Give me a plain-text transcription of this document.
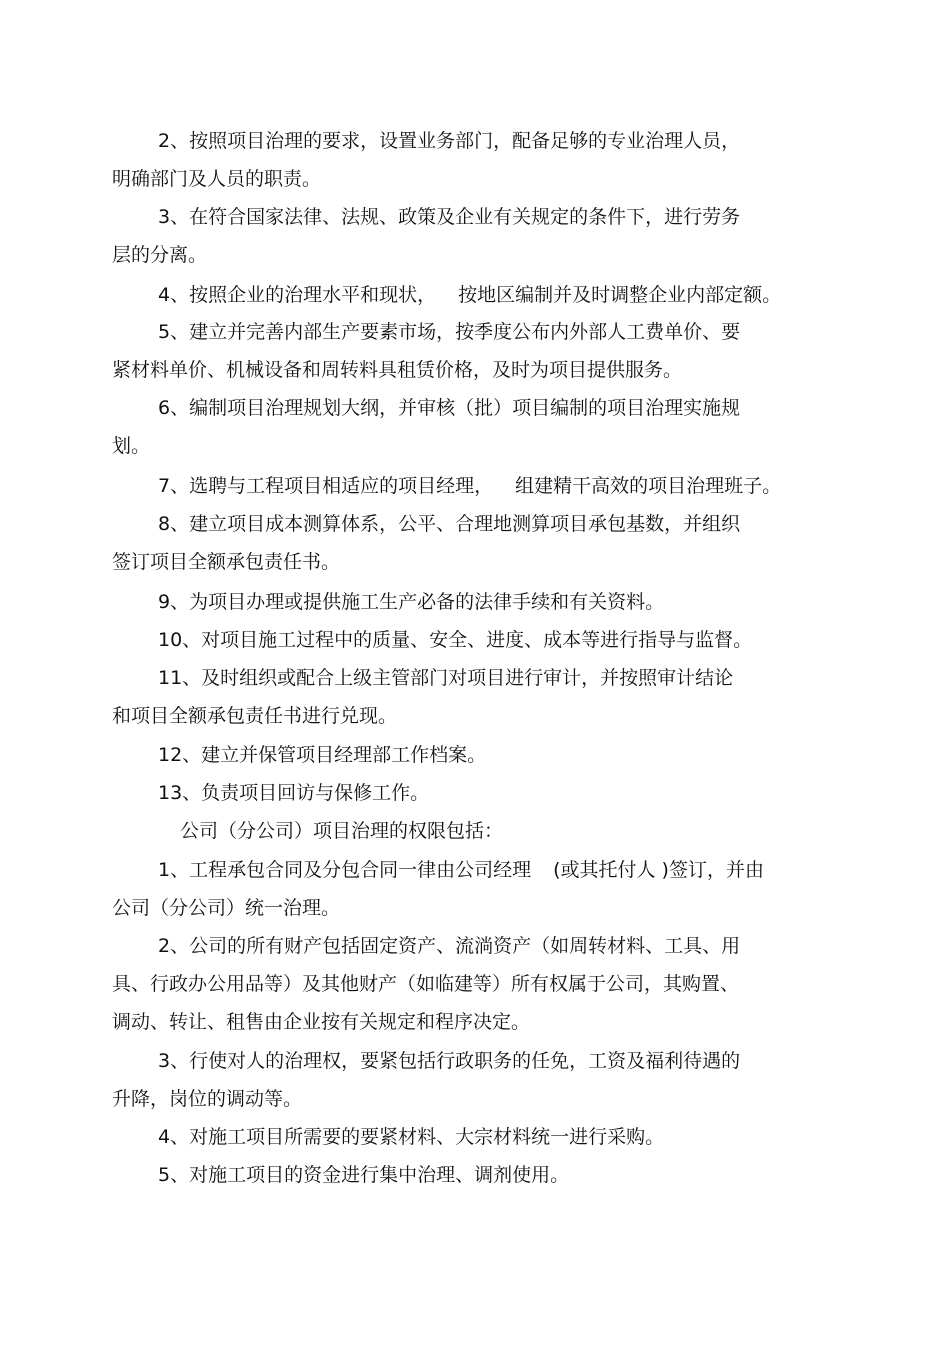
2、按照项目治理的要求，设置业务部门，配备足够的专业治理人员，
明确部门及人员的职责。
3、在符合国家法律、法规、政策及企业有关规定的条件下，进行劳务
层的分离。
4、按照企业的治理水平和现状， 按地区编制并及时调整企业内部定额。
5、建立并完善内部生产要素市场，按季度公布内外部人工费单价、要
紧材料单价、机械设备和周转料具租赁价格，及时为项目提供服务。
6、编制项目治理规划大纲，并审核（批）项目编制的项目治理实施规
划。
7、选聘与工程项目相适应的项目经理， 组建精干高效的项目治理班子。
8、建立项目成本测算体系，公平、合理地测算项目承包基数，并组织
签订项目全额承包责任书。
9、为项目办理或提供施工生产必备的法律手续和有关资料。
10、对项目施工过程中的质量、安全、进度、成本等进行指导与监督。
11、及时组织或配合上级主管部门对项目进行审计，并按照审计结论
和项目全额承包责任书进行兑现。
12、建立并保管项目经理部工作档案。
13、负责项目回访与保修工作。
公司（分公司）项目治理的权限包括：
1、工程承包合同及分包合同一律由公司经理 (或其托付人 )签订，并由
公司（分公司）统一治理。
2、公司的所有财产包括固定资产、流淌资产（如周转材料、工具、用
具、行政办公用品等）及其他财产（如临建等）所有权属于公司，其购置、
调动、转让、租售由企业按有关规定和程序决定。
3、行使对人的治理权，要紧包括行政职务的任免，工资及福利待遇的
升降，岗位的调动等。
4、对施工项目所需要的要紧材料、大宗材料统一进行采购。
5、对施工项目的资金进行集中治理、调剂使用。
